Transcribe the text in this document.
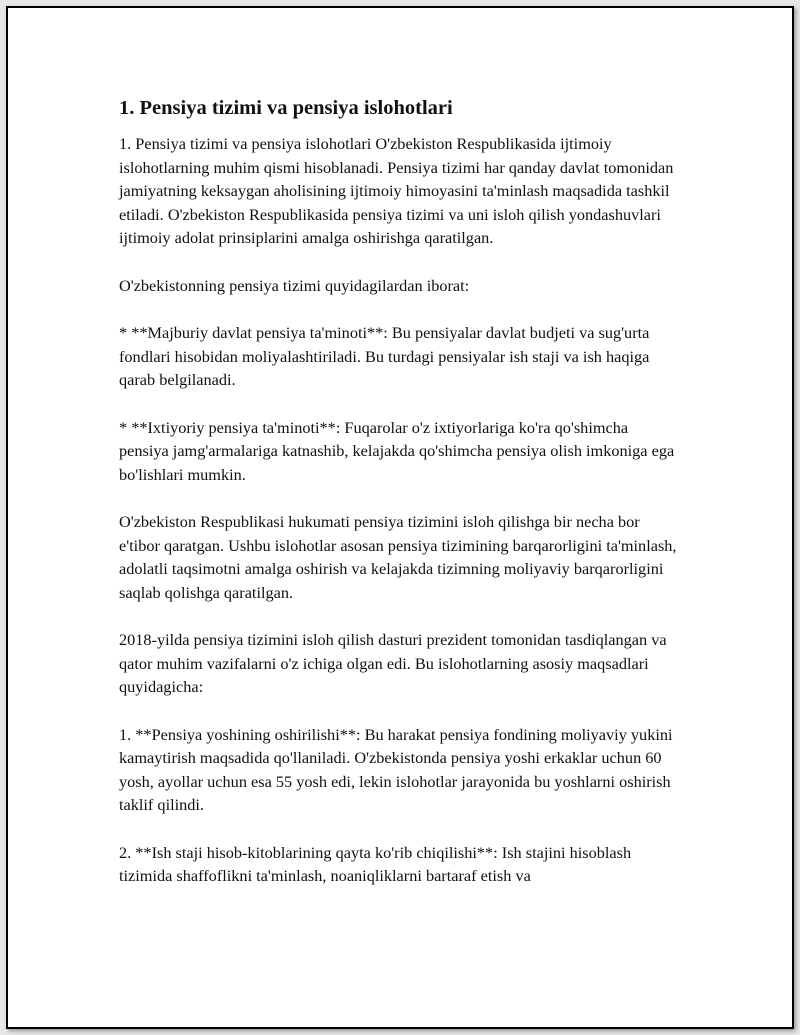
1. Pensiya tizimi va pensiya islohotlari

1. Pensiya tizimi va pensiya islohotlari O'zbekiston Respublikasida ijtimoiy islohotlarning muhim qismi hisoblanadi. Pensiya tizimi har qanday davlat tomonidan jamiyatning keksaygan aholisining ijtimoiy himoyasini ta'minlash maqsadida tashkil etiladi. O'zbekiston Respublikasida pensiya tizimi va uni isloh qilish yondashuvlari ijtimoiy adolat prinsiplarini amalga oshirishga qaratilgan.

O'zbekistonning pensiya tizimi quyidagilardan iborat:

* **Majburiy davlat pensiya ta'minoti**: Bu pensiyalar davlat budjeti va sug'urta fondlari hisobidan moliyalashtiriladi. Bu turdagi pensiyalar ish staji va ish haqiga qarab belgilanadi.

* **Ixtiyoriy pensiya ta'minoti**: Fuqarolar o'z ixtiyorlariga ko'ra qo'shimcha pensiya jamg'armalariga katnashib, kelajakda qo'shimcha pensiya olish imkoniga ega bo'lishlari mumkin.

O'zbekiston Respublikasi hukumati pensiya tizimini isloh qilishga bir necha bor e'tibor qaratgan. Ushbu islohotlar asosan pensiya tizimining barqarorligini ta'minlash, adolatli taqsimotni amalga oshirish va kelajakda tizimning moliyaviy barqarorligini saqlab qolishga qaratilgan.

2018-yilda pensiya tizimini isloh qilish dasturi prezident tomonidan tasdiqlangan va qator muhim vazifalarni o'z ichiga olgan edi. Bu islohotlarning asosiy maqsadlari quyidagicha:

1. **Pensiya yoshining oshirilishi**: Bu harakat pensiya fondining moliyaviy yukini kamaytirish maqsadida qo'llaniladi. O'zbekistonda pensiya yoshi erkaklar uchun 60 yosh, ayollar uchun esa 55 yosh edi, lekin islohotlar jarayonida bu yoshlarni oshirish taklif qilindi.

2. **Ish staji hisob-kitoblarining qayta ko'rib chiqilishi**: Ish stajini hisoblash tizimida shaffoflikni ta'minlash, noaniqliklarni bartaraf etish va
